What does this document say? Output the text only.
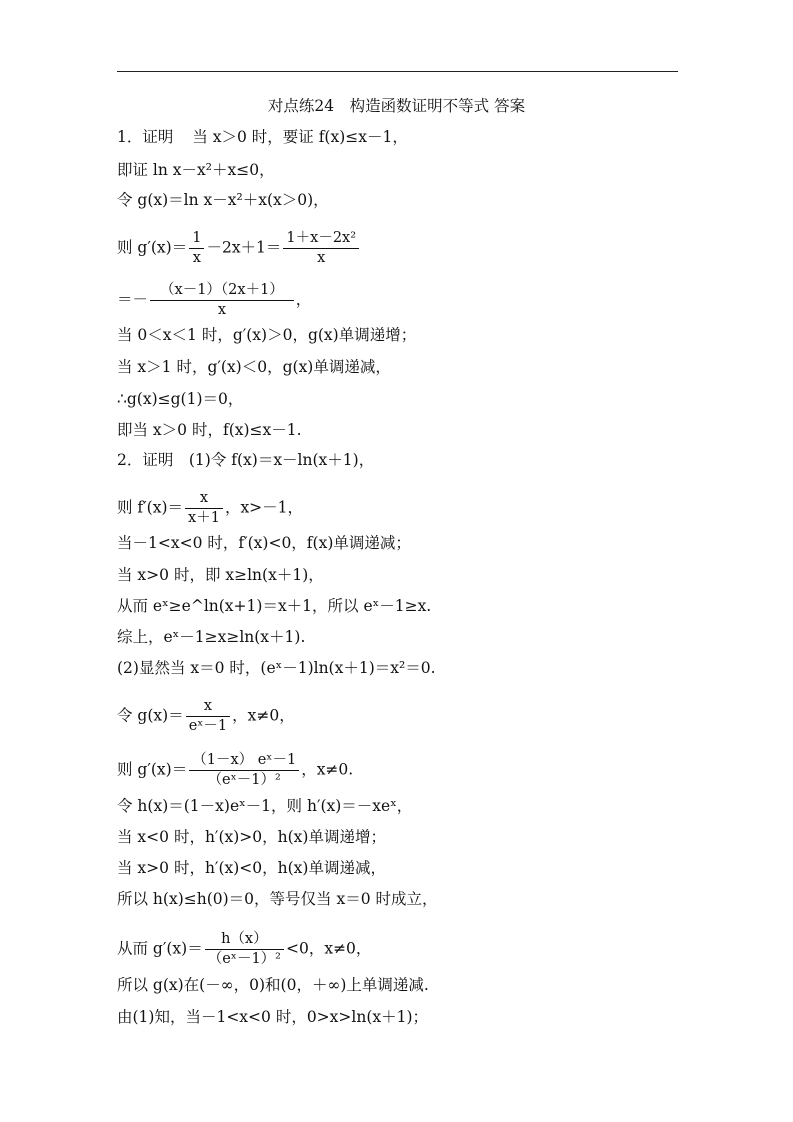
对点练24　构造函数证明不等式 答案
1．证明 当 x＞0 时，要证 f(x)≤x－1，
即证 ln x－x²＋x≤0，
令 g(x)＝ln x－x²＋x(x＞0)，
则 $g'(x)= \frac{1}{x} -2x+1= \frac{\text{1＋x－2x²}}{x}$
＝－ $\frac{(x-1)(2x+1)}{x}$ ，
当 0＜x＜1 时，g′(x)＞0，g(x)单调递增；
当 x＞1 时，g′(x)＜0，g(x)单调递减，
∴g(x)≤g(1)＝0，
即当 x＞0 时，f(x)≤x－1.
2．证明　(1)令 f(x)＝x－ln(x＋1)，
则 $f'(x)= \frac{x}{x+1}$ ，x>－1，
当－1<x<0 时，f′(x)<0，f(x)单调递减；
当 x>0 时，即 x≥ln(x＋1)，
从而 eˣ≥e^ln(x+1)＝x＋1，所以 eˣ－1≥x.
综上，eˣ－1≥x≥ln(x＋1).
(2)显然当 x＝0 时，(eˣ－1)ln(x＋1)＝x²＝0.
令 $g(x)= \frac{x}{\text{eˣ－1}}$ ，x≠0，
则 $g'(x)= \frac{\text{（1－x） eˣ－1}}{\text{（eˣ－1）²}}$ ，x≠0.
令 h(x)＝(1－x)eˣ－1，则 h′(x)＝－xeˣ，
当 x<0 时，h′(x)>0，h(x)单调递增；
当 x>0 时，h′(x)<0，h(x)单调递减，
所以 h(x)≤h(0)＝0，等号仅当 x＝0 时成立，
从而 $g'(x)= \frac{h(x)}{\text{（eˣ－1）²}} <0$，x≠0，
所以 g(x)在(－∞，0)和(0，＋∞)上单调递减.
由(1)知，当－1<x<0 时，0>x>ln(x＋1)；
